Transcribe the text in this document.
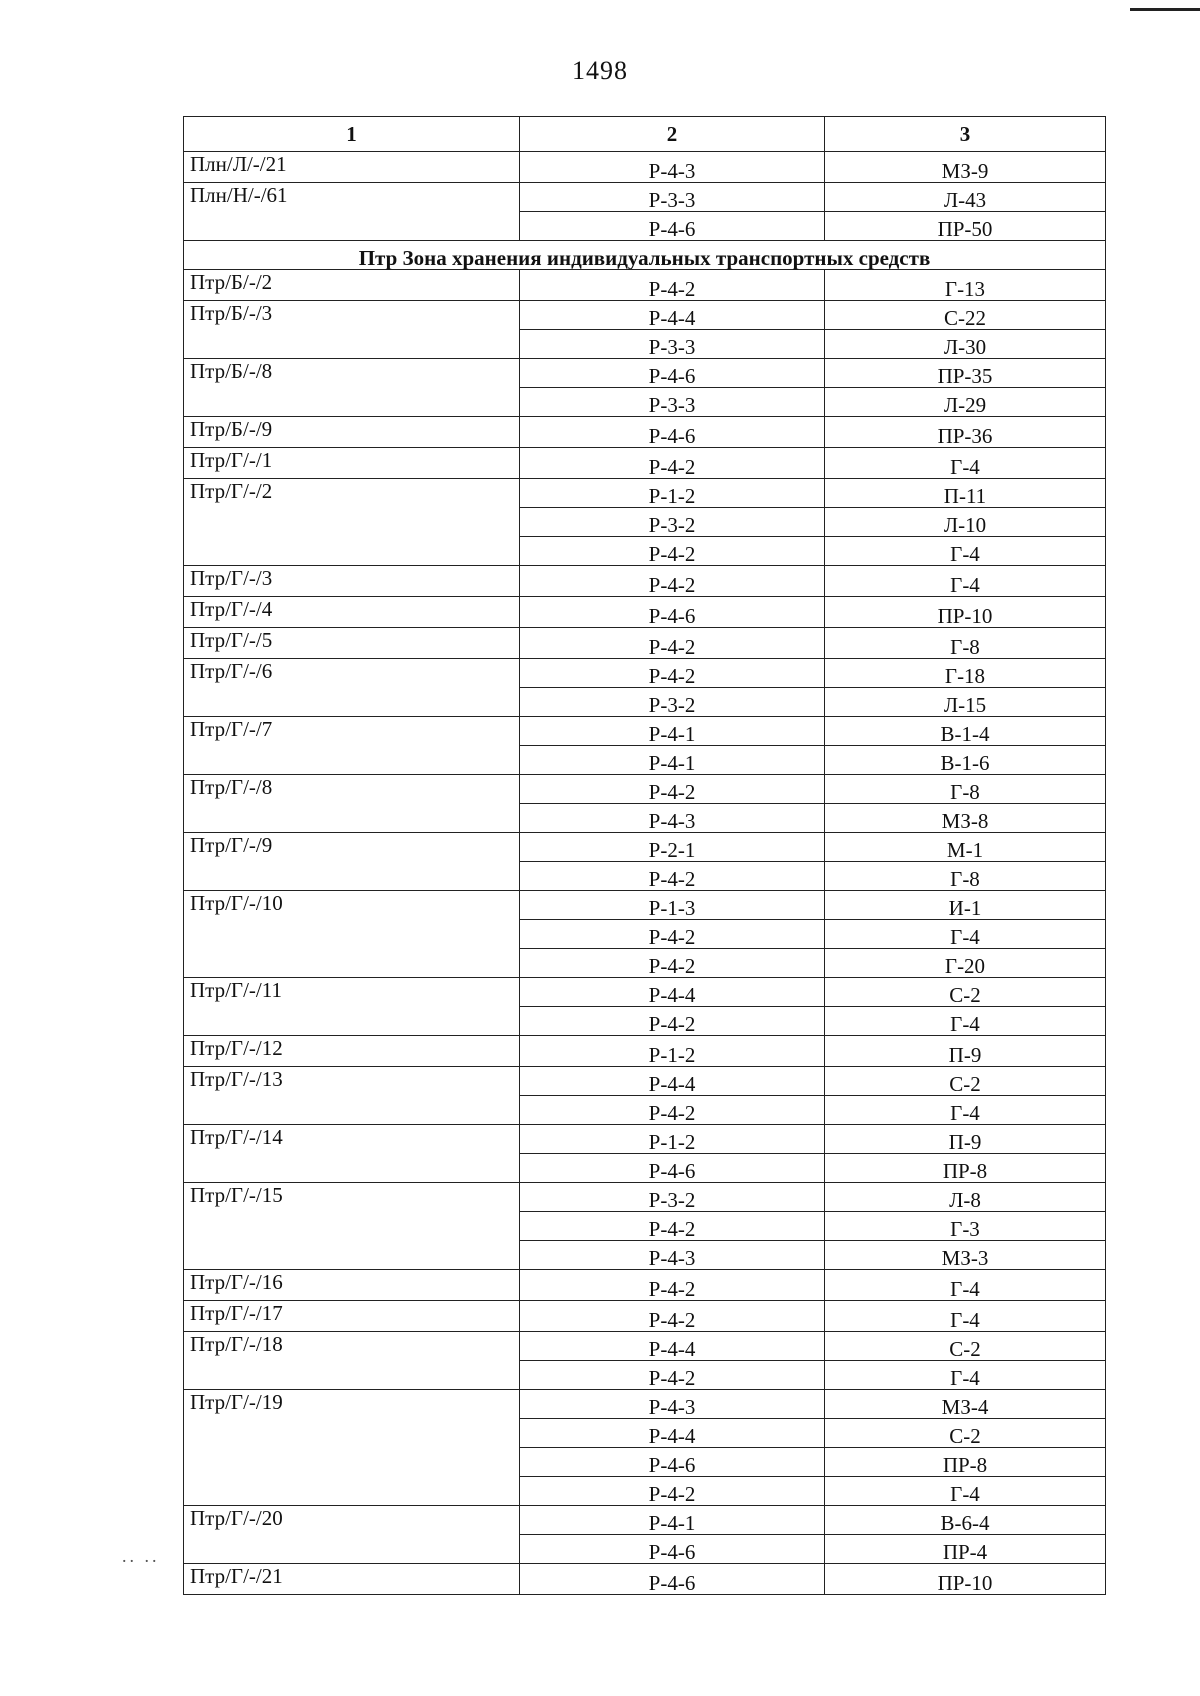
1498
.. ..
1	2	3
Плн/Л/-/21	Р-4-3	МЗ-9
Плн/Н/-/61	Р-3-3	Л-43
	Р-4-6	ПР-50
Птр Зона хранения индивидуальных транспортных средств		
Птр/Б/-/2	Р-4-2	Г-13
Птр/Б/-/3	Р-4-4	С-22
	Р-3-3	Л-30
Птр/Б/-/8	Р-4-6	ПР-35
	Р-3-3	Л-29
Птр/Б/-/9	Р-4-6	ПР-36
Птр/Г/-/1	Р-4-2	Г-4
Птр/Г/-/2	Р-1-2	П-11
	Р-3-2	Л-10
	Р-4-2	Г-4
Птр/Г/-/3	Р-4-2	Г-4
Птр/Г/-/4	Р-4-6	ПР-10
Птр/Г/-/5	Р-4-2	Г-8
Птр/Г/-/6	Р-4-2	Г-18
	Р-3-2	Л-15
Птр/Г/-/7	Р-4-1	В-1-4
	Р-4-1	В-1-6
Птр/Г/-/8	Р-4-2	Г-8
	Р-4-3	МЗ-8
Птр/Г/-/9	Р-2-1	М-1
	Р-4-2	Г-8
Птр/Г/-/10	Р-1-3	И-1
	Р-4-2	Г-4
	Р-4-2	Г-20
Птр/Г/-/11	Р-4-4	С-2
	Р-4-2	Г-4
Птр/Г/-/12	Р-1-2	П-9
Птр/Г/-/13	Р-4-4	С-2
	Р-4-2	Г-4
Птр/Г/-/14	Р-1-2	П-9
	Р-4-6	ПР-8
Птр/Г/-/15	Р-3-2	Л-8
	Р-4-2	Г-3
	Р-4-3	МЗ-3
Птр/Г/-/16	Р-4-2	Г-4
Птр/Г/-/17	Р-4-2	Г-4
Птр/Г/-/18	Р-4-4	С-2
	Р-4-2	Г-4
Птр/Г/-/19	Р-4-3	МЗ-4
	Р-4-4	С-2
	Р-4-6	ПР-8
	Р-4-2	Г-4
Птр/Г/-/20	Р-4-1	В-6-4
	Р-4-6	ПР-4
Птр/Г/-/21	Р-4-6	ПР-10
